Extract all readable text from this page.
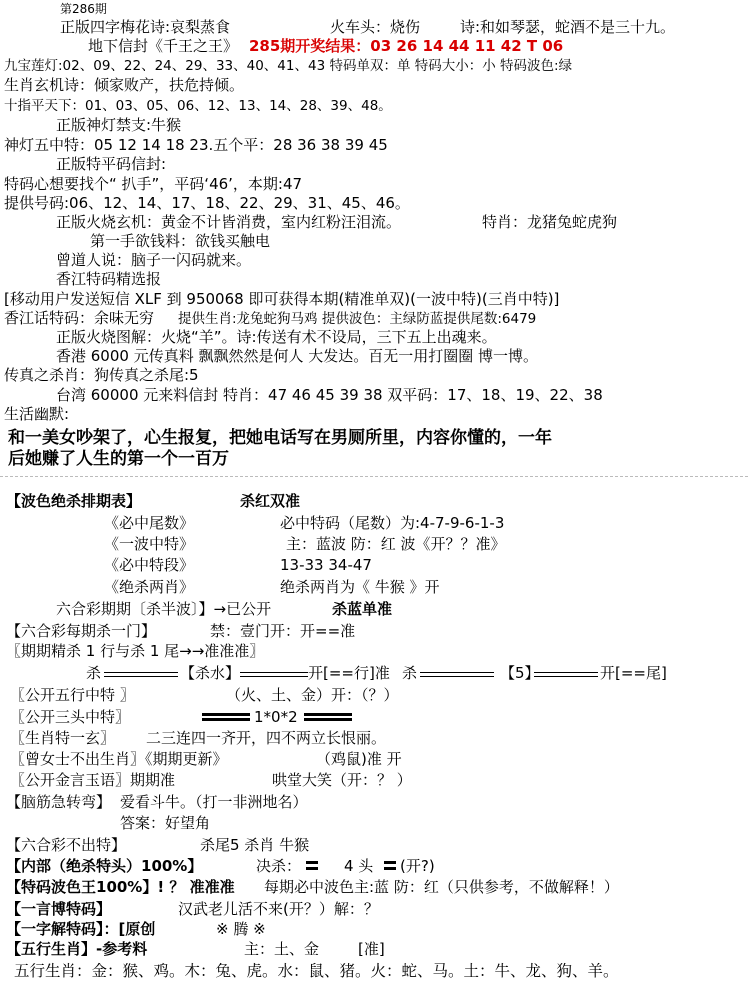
第286期
正版四字梅花诗:哀梨蒸食	火车头：烧伤	诗:和如琴瑟，蛇酒不是三十九。
地下信封《千王之王》 285期开奖结果：03 26 14 44 11 42 T 06
九宝莲灯:02、09、22、24、29、33、40、41、43 特码单双：单 特码大小：小 特码波色:绿
生肖玄机诗：倾家败产，扶危持倾。
十指平天下：01、03、05、06、12、13、14、28、39、48。
正版神灯禁支:牛猴
神灯五中特：05 12 14 18 23.五个平：28 36 38 39 45
正版特平码信封:
特码心想要找个“ 扒手”，平码‘46’，本期:47
提供号码:06、12、14、17、18、22、29、31、45、46。
正版火烧玄机：黄金不计皆消费，室内红粉汪泪流。	特肖：龙猪兔蛇虎狗
第一手欲钱料：欲钱买触电
曾道人说：脑子一闪码就来。
香江特码精选报
[移动用户发送短信 XLF 到 950068 即可获得本期(精准单双)(一波中特)(三肖中特)]
香江话特码：余味无穷 提供生肖:龙兔蛇狗马鸡 提供波色：主绿防蓝提供尾数:6479
正版火烧图解：火烧“羊”。诗:传送有术不设局，三下五上出魂来。
香港 6000 元传真料 飘飘然然是何人 大发达。百无一用打圈圈 博一博。
传真之杀肖：狗传真之杀尾:5
台湾 60000 元来料信封 特肖：47 46 45 39 38 双平码：17、18、19、22、38
生活幽默:
和一美女吵架了，心生报复，把她电话写在男厕所里，内容你懂的，一年
后她赚了人生的第一个一百万
【波色绝杀排期表】	杀红双准
《必中尾数》	必中特码（尾数）为:4-7-9-6-1-3
《一波中特》	主：蓝波 防：红 波《开？？准》
《必中特段》	13-33 34-47
《绝杀两肖》	绝杀两肖为《 牛猴 》开
六合彩期期〔杀半波〕】→已公开	杀蓝单准
【六合彩每期杀一门】	禁：壹门开：开==准
〖期期精杀 1 行与杀 1 尾→→准准准〗
杀	【杀水】	开[==行]准 杀	【5】	开[==尾]
〖公开五行中特 〗	（火、土、金）开：（？）
〖公开三头中特〗	1*0*2
〖生肖特一玄〗 二三连四一齐开，四不两立长恨丽。
〖曾女士不出生肖〗《期期更新》	（鸡鼠)准 开
〖公开金言玉语〗期期准	哄堂大笑（开：？ ）
【脑筋急转弯】 爱看斗牛。（打一非洲地名）
答案：好望角
【六合彩不出特】	杀尾5 杀肖 牛猴
【内部（绝杀特头）100%】	决杀：	4 头 (开?)
【特码波色王100%】! ？ 准准准 每期必中波色主:蓝 防：红（只供参考，不做解释！）
【一言博特码】	汉武老儿活不来(开？）解：？
【一字解特码】：[原创	※ 腾 ※
【五行生肖】-参考料	主：土、金	[准]
五行生肖：金：猴、鸡。木：兔、虎。水：鼠、猪。火：蛇、马。土：牛、龙、狗、羊。
